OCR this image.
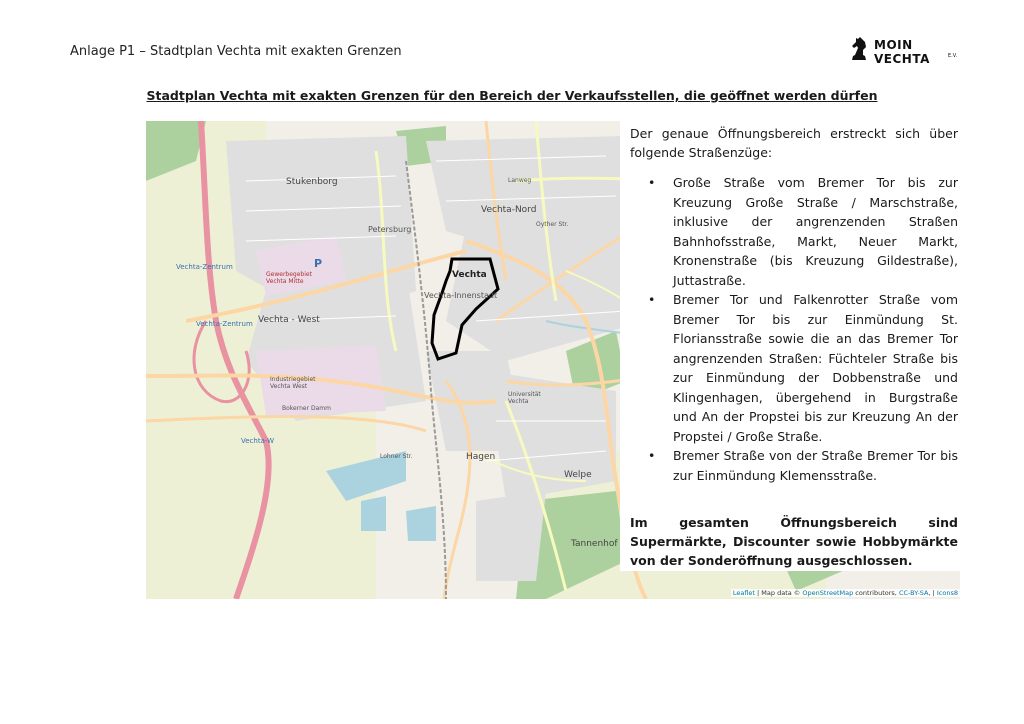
Anlage P1 – Stadtplan Vechta mit exakten Grenzen	MOIN VECHTA	E.V.
Stadtplan Vechta mit exakten Grenzen für den Bereich der Verkaufsstellen, die geöffnet werden dürfen
Stukenborg
Petersburg
Vechta-Nord
Vechta
Vechta-Innenstadt
Vechta - West
Vechta-Zentrum
Vechta-Zentrum
Gewerbegebiet Vechta Mitte
Industriegebiet Vechta West
Hagen
Welpe
Tannenhof
Universität Vechta
P
Vechta-W
Bokerner Damm
Lohner Str.
Oyther Str.
Lanweg
Der genaue Öffnungsbereich erstreckt sich über folgende Straßenzüge:
• Große Straße vom Bremer Tor bis zur Kreuzung Große Straße / Marschstraße, inklusive der angrenzenden Straßen Bahnhofsstraße, Markt, Neuer Markt, Kronenstraße (bis Kreuzung Gildestraße), Juttastraße.
• Bremer Tor und Falkenrotter Straße vom Bremer Tor bis zur Einmündung St. Floriansstraße sowie die an das Bremer Tor angrenzenden Straßen: Füchteler Straße bis zur Einmündung der Dobbenstraße und Klingenhagen, übergehend in Burgstraße und An der Propstei bis zur Kreuzung An der Propstei / Große Straße.
• Bremer Straße von der Straße Bremer Tor bis zur Einmündung Klemensstraße.
Im gesamten Öffnungsbereich sind Supermärkte, Discounter sowie Hobbymärkte von der Sonderöffnung ausgeschlossen.
Leaflet | Map data © OpenStreetMap contributors, CC-BY-SA, | Icons8
